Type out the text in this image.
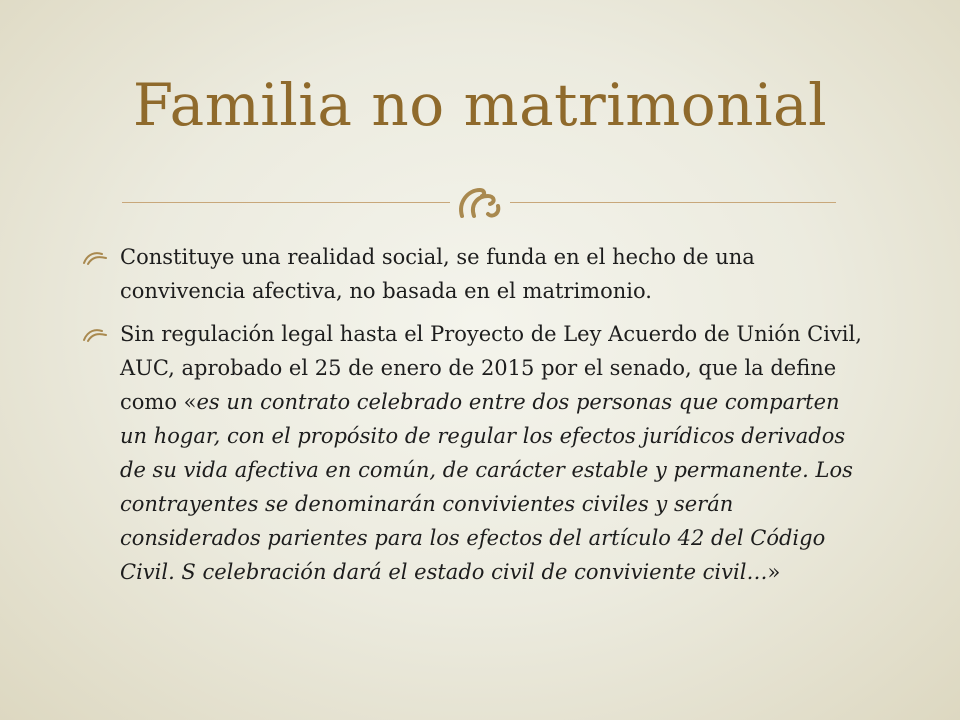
Familia no matrimonial
Constituye una realidad social, se funda en el hecho de una convivencia afectiva, no basada en el matrimonio.
Sin regulación legal hasta el Proyecto de Ley Acuerdo de Unión Civil, AUC, aprobado el 25 de enero de 2015 por el senado, que la define como «es un contrato celebrado entre dos personas que comparten un hogar, con el propósito de regular los efectos jurídicos derivados de su vida afectiva en común, de carácter estable y permanente. Los contrayentes se denominarán convivientes civiles y serán considerados parientes para los efectos del artículo 42 del Código Civil. S celebración dará el estado civil de conviviente civil…»
